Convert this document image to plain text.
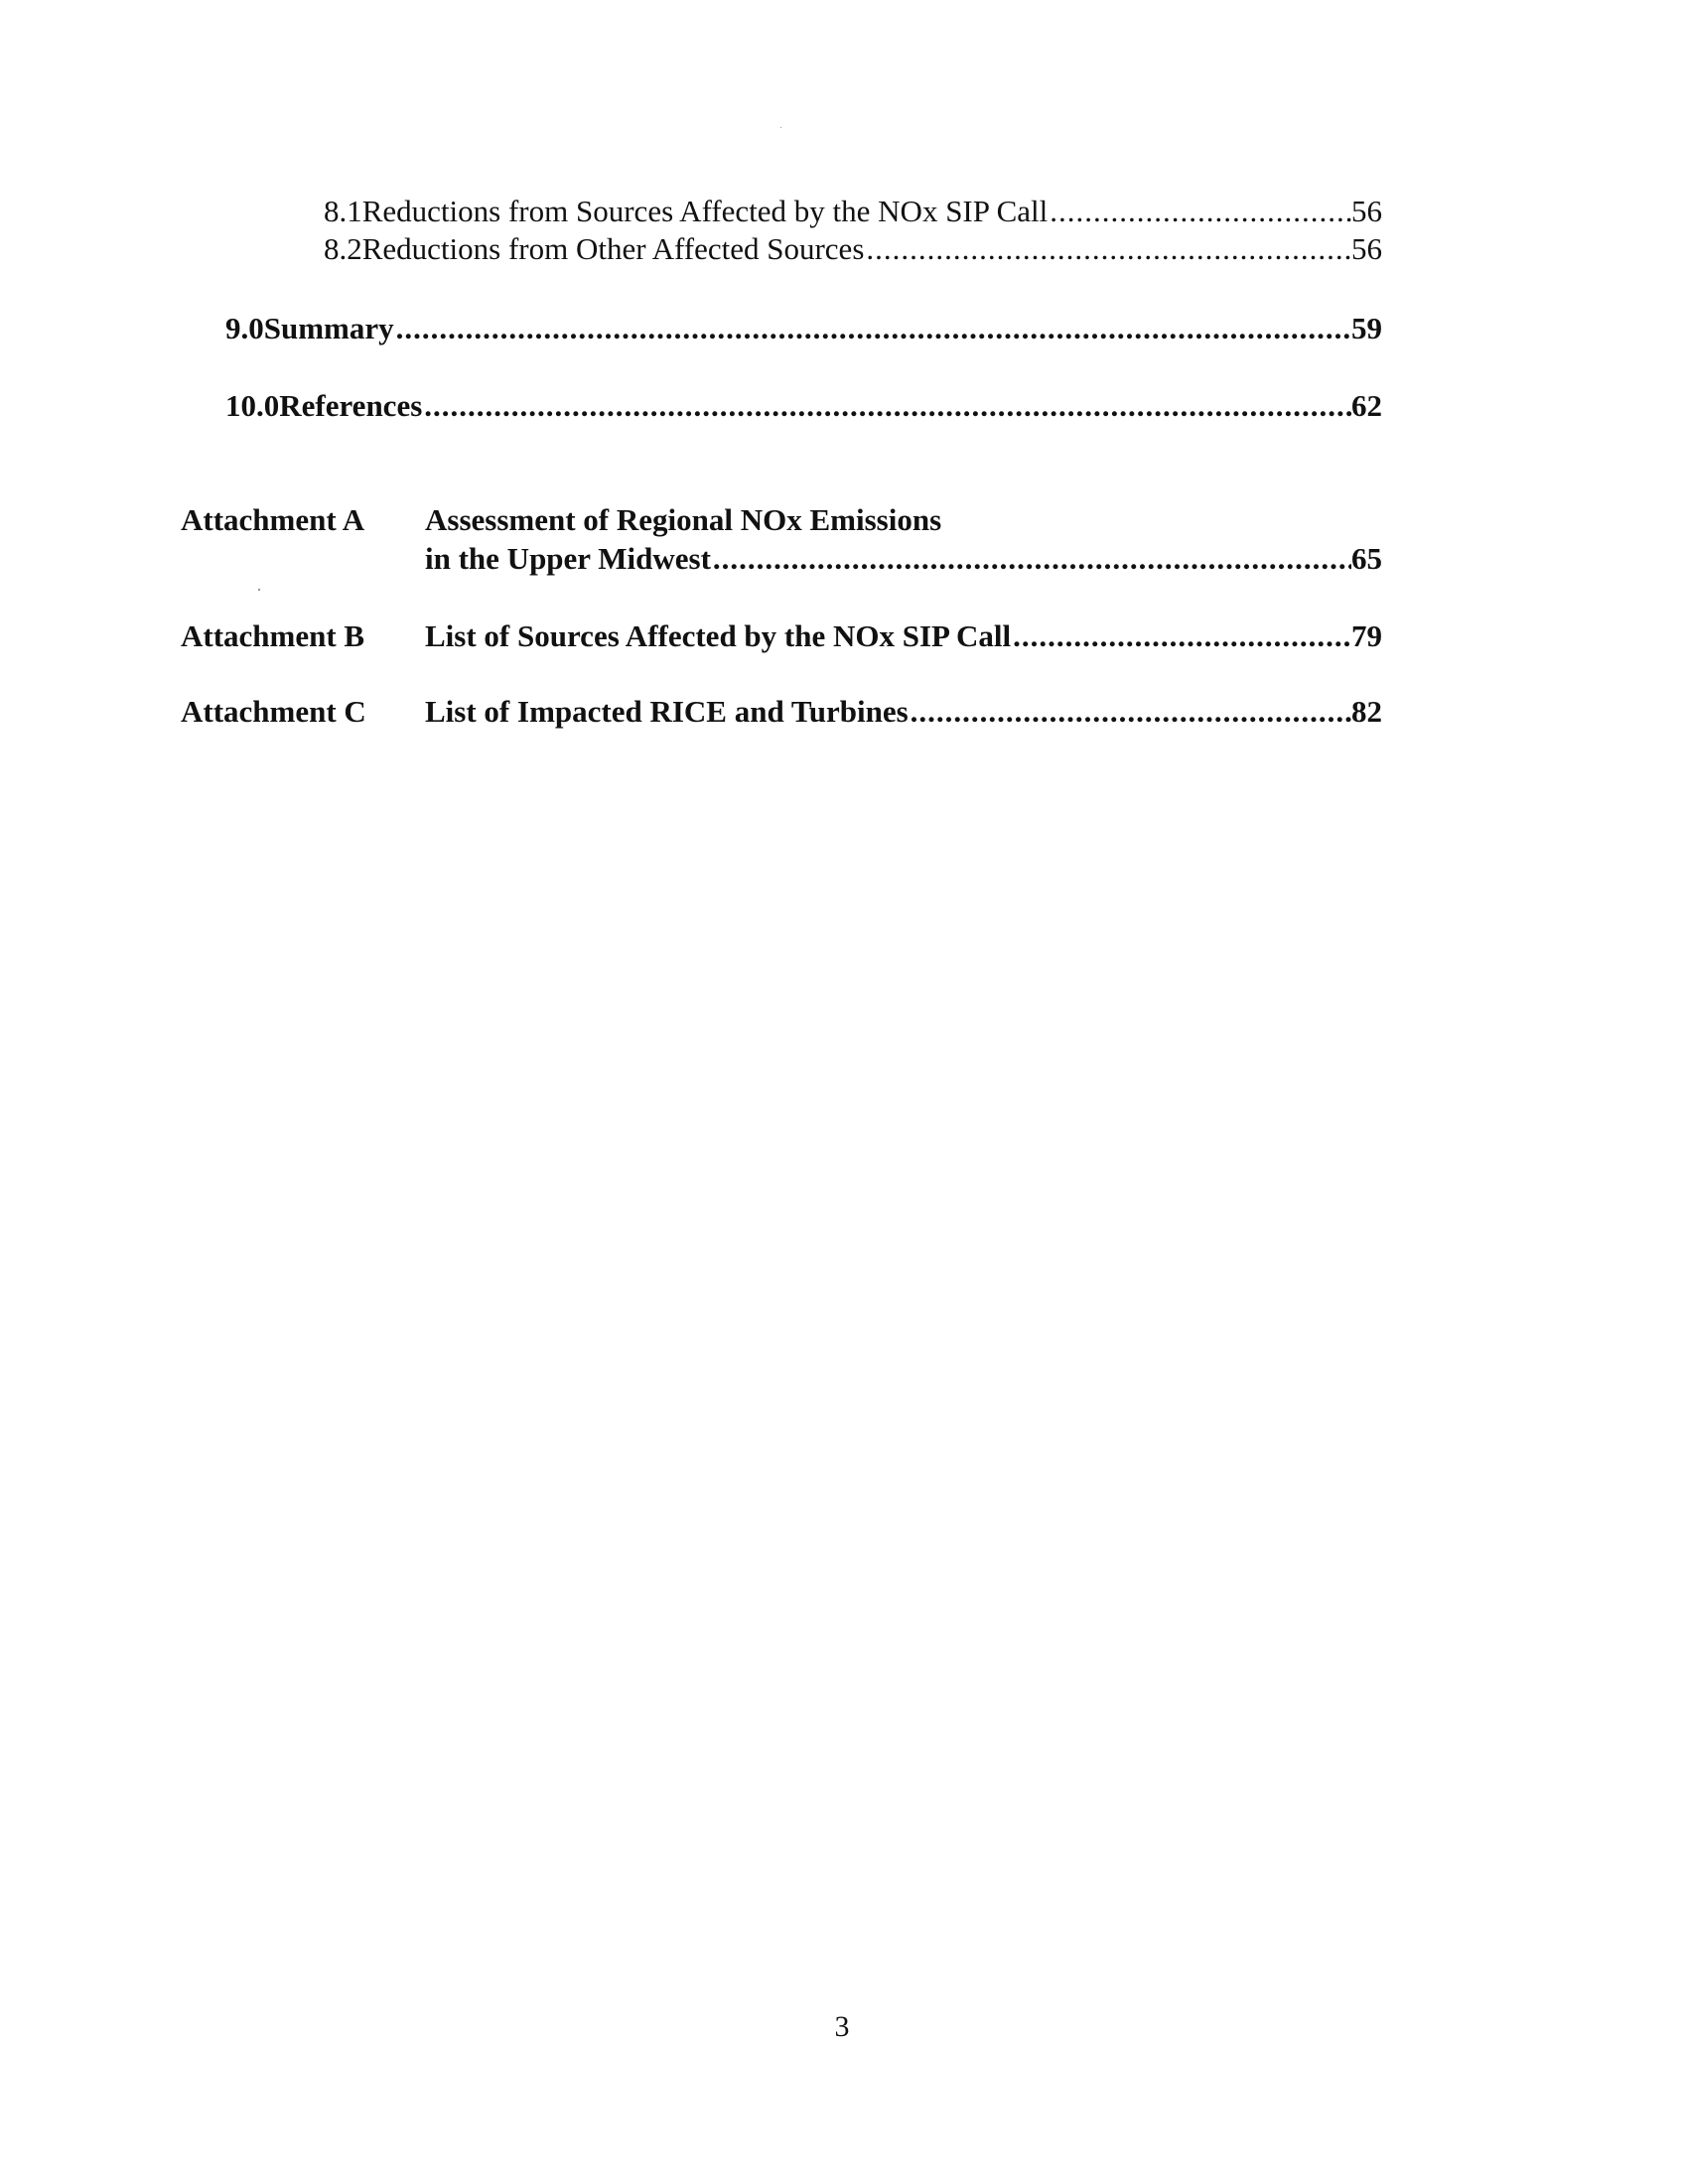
8.1 Reductions from Sources Affected by the NOx SIP Call .....	56
8.2 Reductions from Other Affected Sources .....	56
9.0 Summary .....	59
10.0 References .....	62
Attachment A Assessment of Regional NOx Emissions
in the Upper Midwest .....	65
Attachment B List of Sources Affected by the NOx SIP Call .....	79
Attachment C List of Impacted RICE and Turbines .....	82
3
